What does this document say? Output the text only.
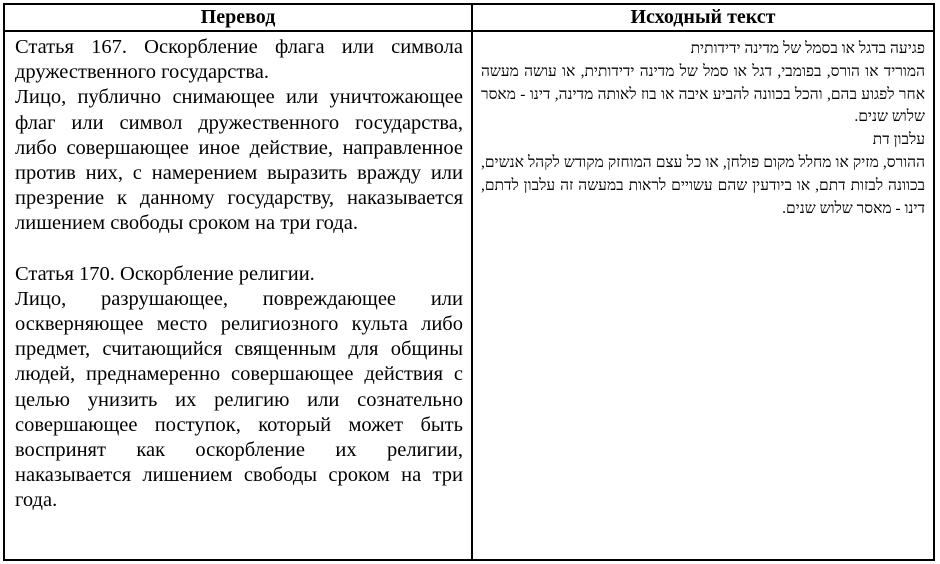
Перевод	Исходный текст

Статья 167. Оскорбление флага или символа дружественного государства.

Лицо, публично снимающее или уничтожающее флаг или символ дружественного государства, либо совершающее иное действие, направленное против них, с намерением выразить вражду или презрение к данному государству, наказывается лишением свободы сроком на три года.

Статья 170. Оскорбление религии.

Лицо, разрушающее, повреждающее или оскверняющее место религиозного культа либо предмет, считающийся священным для общины людей, преднамеренно совершающее действия с целью унизить их религию или сознательно совершающее поступок, который может быть воспринят как оскорбление их религии, наказывается лишением свободы сроком на три года.

פגיעה בדגל או בסמל של מדינה ידידותית

המוריד או הורס, בפומבי, דגל או סמל של מדינה ידידותית, או עושה מעשה אחר לפגוע בהם, והכל בכוונה להביע איבה או בוז לאותה מדינה, דינו - מאסר שלוש שנים.

עלבון דת

ההורס, מזיק או מחלל מקום פולחן, או כל עצם המוחזק מקודש לקהל אנשים, בכוונה לבזות דתם, או ביודעין שהם עשויים לראות במעשה זה עלבון לדתם, דינו - מאסר שלוש שנים.
